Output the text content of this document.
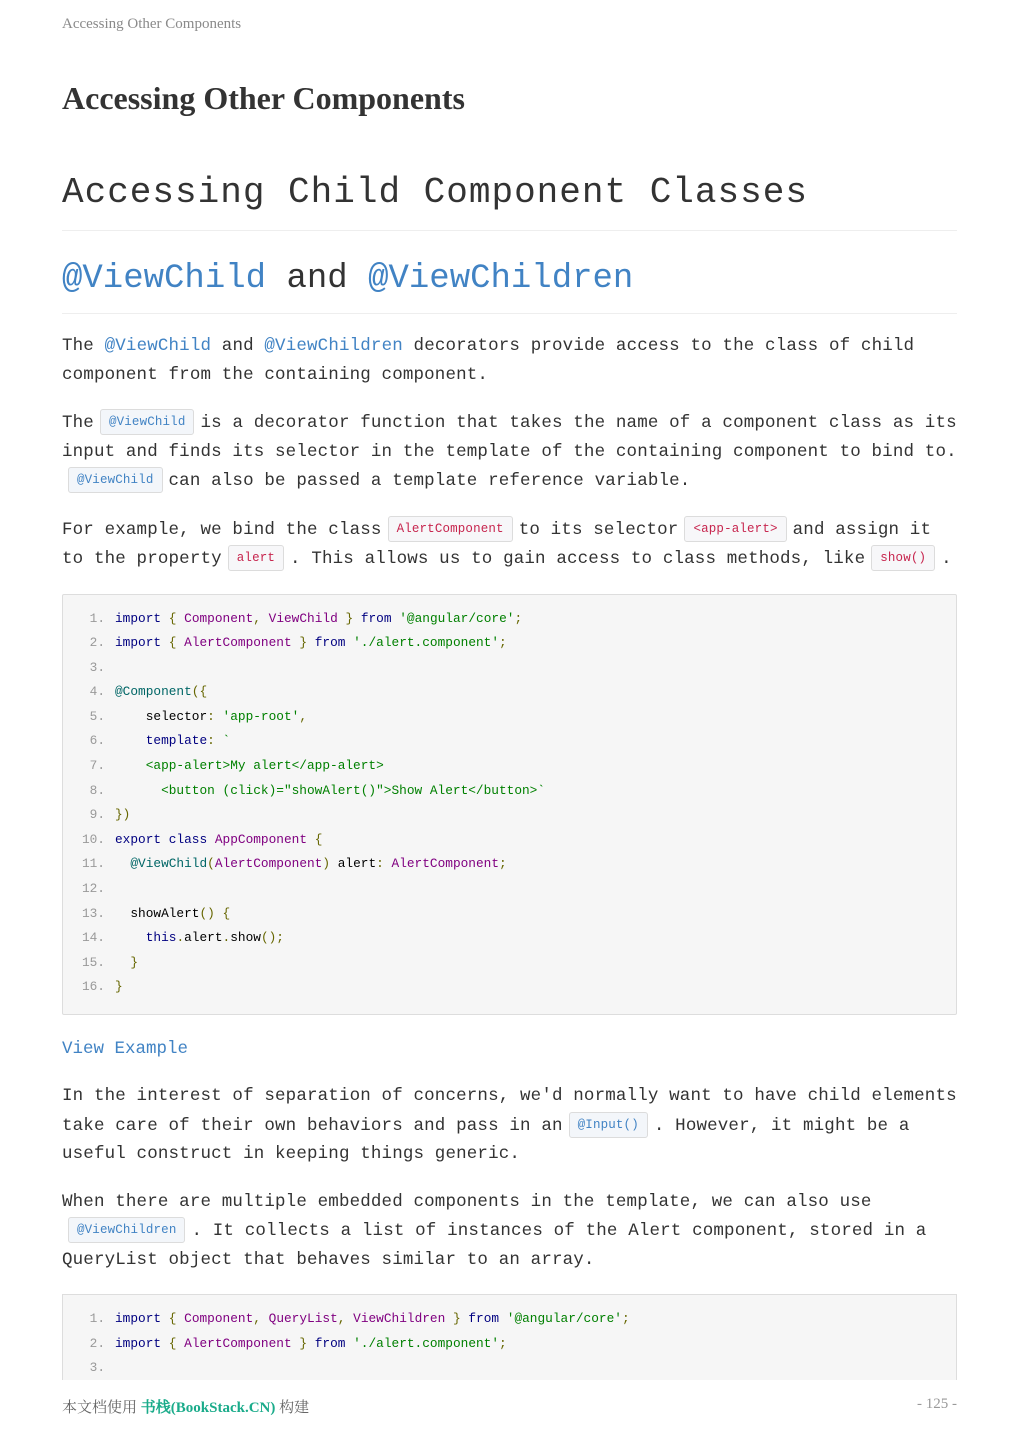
Accessing Other Components
Accessing Other Components
Accessing Child Component Classes
@ViewChild and @ViewChildren

The @ViewChild and @ViewChildren decorators provide access to the class of child component from the containing component.

The @ViewChild is a decorator function that takes the name of a component class as its input and finds its selector in the template of the containing component to bind to.
@ViewChild can also be passed a template reference variable.

For example, we bind the class AlertComponent to its selector <app-alert> and assign it to the property alert . This allows us to gain access to class methods, like show() .

1. import { Component, ViewChild } from '@angular/core';
2. import { AlertComponent } from './alert.component';
3.
4. @Component({
5.	selector: 'app-root',
6.	template: `
7. <app-alert>My alert</app-alert>
8. <button (click)="showAlert()">Show Alert</button>`
9. })
10. export class AppComponent {
11.	@ViewChild(AlertComponent) alert: AlertComponent;
12.
13.	showAlert() {
14.	this.alert.show();
15.	}
16. }
View Example

In the interest of separation of concerns, we'd normally want to have child elements take care of their own behaviors and pass in an @Input() . However, it might be a useful construct in keeping things generic.

When there are multiple embedded components in the template, we can also use
@ViewChildren . It collects a list of instances of the Alert component, stored in a QueryList object that behaves similar to an array.

1. import { Component, QueryList, ViewChildren } from '@angular/core';
2. import { AlertComponent } from './alert.component';
3.
本文档使用 书栈(BookStack.CN) 构建	- 125 -
